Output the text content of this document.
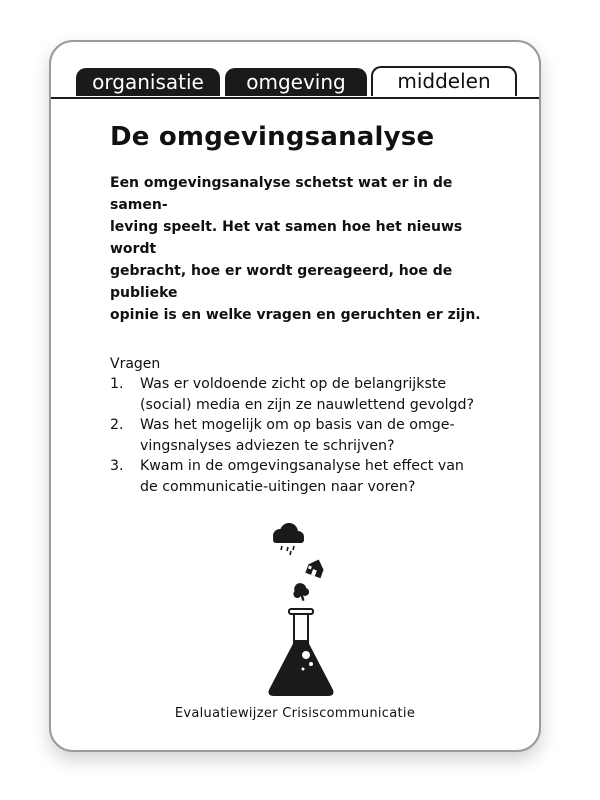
organisatie	omgeving	middelen
De omgevingsanalyse
Een omgevingsanalyse schetst wat er in de samen-
leving speelt. Het vat samen hoe het nieuws wordt
gebracht, hoe er wordt gereageerd, hoe de publieke
opinie is en welke vragen en geruchten er zijn.
Vragen
1. Was er voldoende zicht op de belangrijkste
(social) media en zijn ze nauwlettend gevolgd?
2. Was het mogelijk om op basis van de omge-
vingsnalyses adviezen te schrijven?
3. Kwam in de omgevingsanalyse het effect van
de communicatie-uitingen naar voren?
Evaluatiewijzer Crisiscommunicatie
